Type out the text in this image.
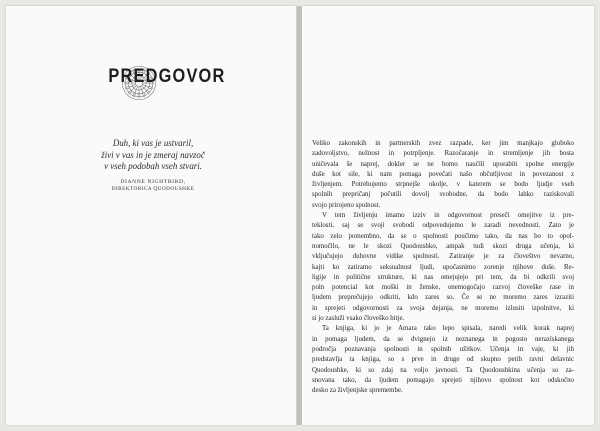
Duh, ki vas je ustvaril,
živi v vas in je zmeraj navzoč
v vseh podobah vseh stvari.
DIANNE NIGHTBIRD,
DIREKTORICA QUODOUSHKE
PREDGOVOR
Veliko zakonskih in partnerskih zvez razpade, ker jim manjkajo globoko
zadovoljstvo, nežnost in potrpljenje. Razočaranje in stremljenje jih bosta
uničevala še naprej, dokler se ne bomo naučili uporabiti spolne energije
duše kot sile, ki nam pomaga povečati našo občutljivost in povezanost z
življenjem. Potrebujemo strpnejše okolje, v katerem se bodo ljudje vseh
spolnih prepričanj počutili dovolj svobodne, da bodo lahko raziskovali
svojo prirojeno spolnost.
V tem življenju imamo izziv in odgovornost preseči omejitve iz pre-
teklosti, saj se svoji svobodi odpovedujemo le zaradi nevednosti. Zato je
tako zelo pomembno, da se o spolnosti poučimo tako, da nas bo to opol-
nomočilo, ne le skozi Quodoushko, ampak tudi skozi druga učenja, ki
vključujejo duhovne vidike spolnosti. Zatiranje je za človeštvo nevarno,
kajti ko zatiramo seksualnost ljudi, upočasnimo zorenje njihove duše. Re-
ligije in politične strukture, ki nas omejujejo pri tem, da bi odkrili svoj
poln potencial kot moški in ženske, onemogočajo razvoj človeške rase in
ljudem preprečujejo odkriti, kdo zares so. Če se ne moremo zares izraziti
in sprejeti odgovornosti za svoja dejanja, ne moremo izlusiti izpolnitve, ki
si jo zasluži vsako človeško bitje.
Ta knjiga, ki jo je Amara tako lepo spisala, naredi velik korak naprej
in pomaga ljudem, da se dvignejo iz neznanega in pogosto nerazískanega
področja poznavanja spolnosti in spolnih užitkov. Učenja in vaje, ki jih
predstavlja ta knjiga, so s prve in druge od skupno petih ravni delavnic
Quodoushke, ki so zdaj na voljo javnosti. Ta Quodoushkina učenja so za-
snovana tako, da ljudem pomagajo sprejeti njihovo spolnost kot odskočno
desko za življenjske spremembe.
